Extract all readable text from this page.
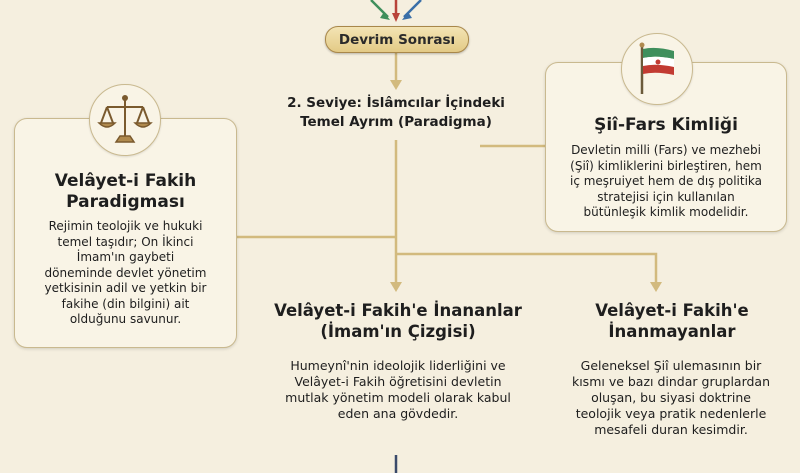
Devrim Sonrası
2. Seviye: İslâmcılar İçindeki
Temel Ayrım (Paradigma)
Velâyet-i Fakih
Paradigması
Rejimin teolojik ve hukuki
temel taşıdır; On İkinci
İmam'ın gaybeti
döneminde devlet yönetim
yetkisinin adil ve yetkin bir
fakihe (din bilgini) ait
olduğunu savunur.
Şiî-Fars Kimliği
Devletin milli (Fars) ve mezhebi
(Şiî) kimliklerini birleştiren, hem
iç meşruiyet hem de dış politika
stratejisi için kullanılan
bütünleşik kimlik modelidir.
Velâyet-i Fakih'e İnananlar
(İmam'ın Çizgisi)
Humeynî'nin ideolojik liderliğini ve
Velâyet-i Fakih öğretisini devletin
mutlak yönetim modeli olarak kabul
eden ana gövdedir.
Velâyet-i Fakih'e
İnanmayanlar
Geleneksel Şiî ulemasının bir
kısmı ve bazı dindar gruplardan
oluşan, bu siyasi doktrine
teolojik veya pratik nedenlerle
mesafeli duran kesimdir.
